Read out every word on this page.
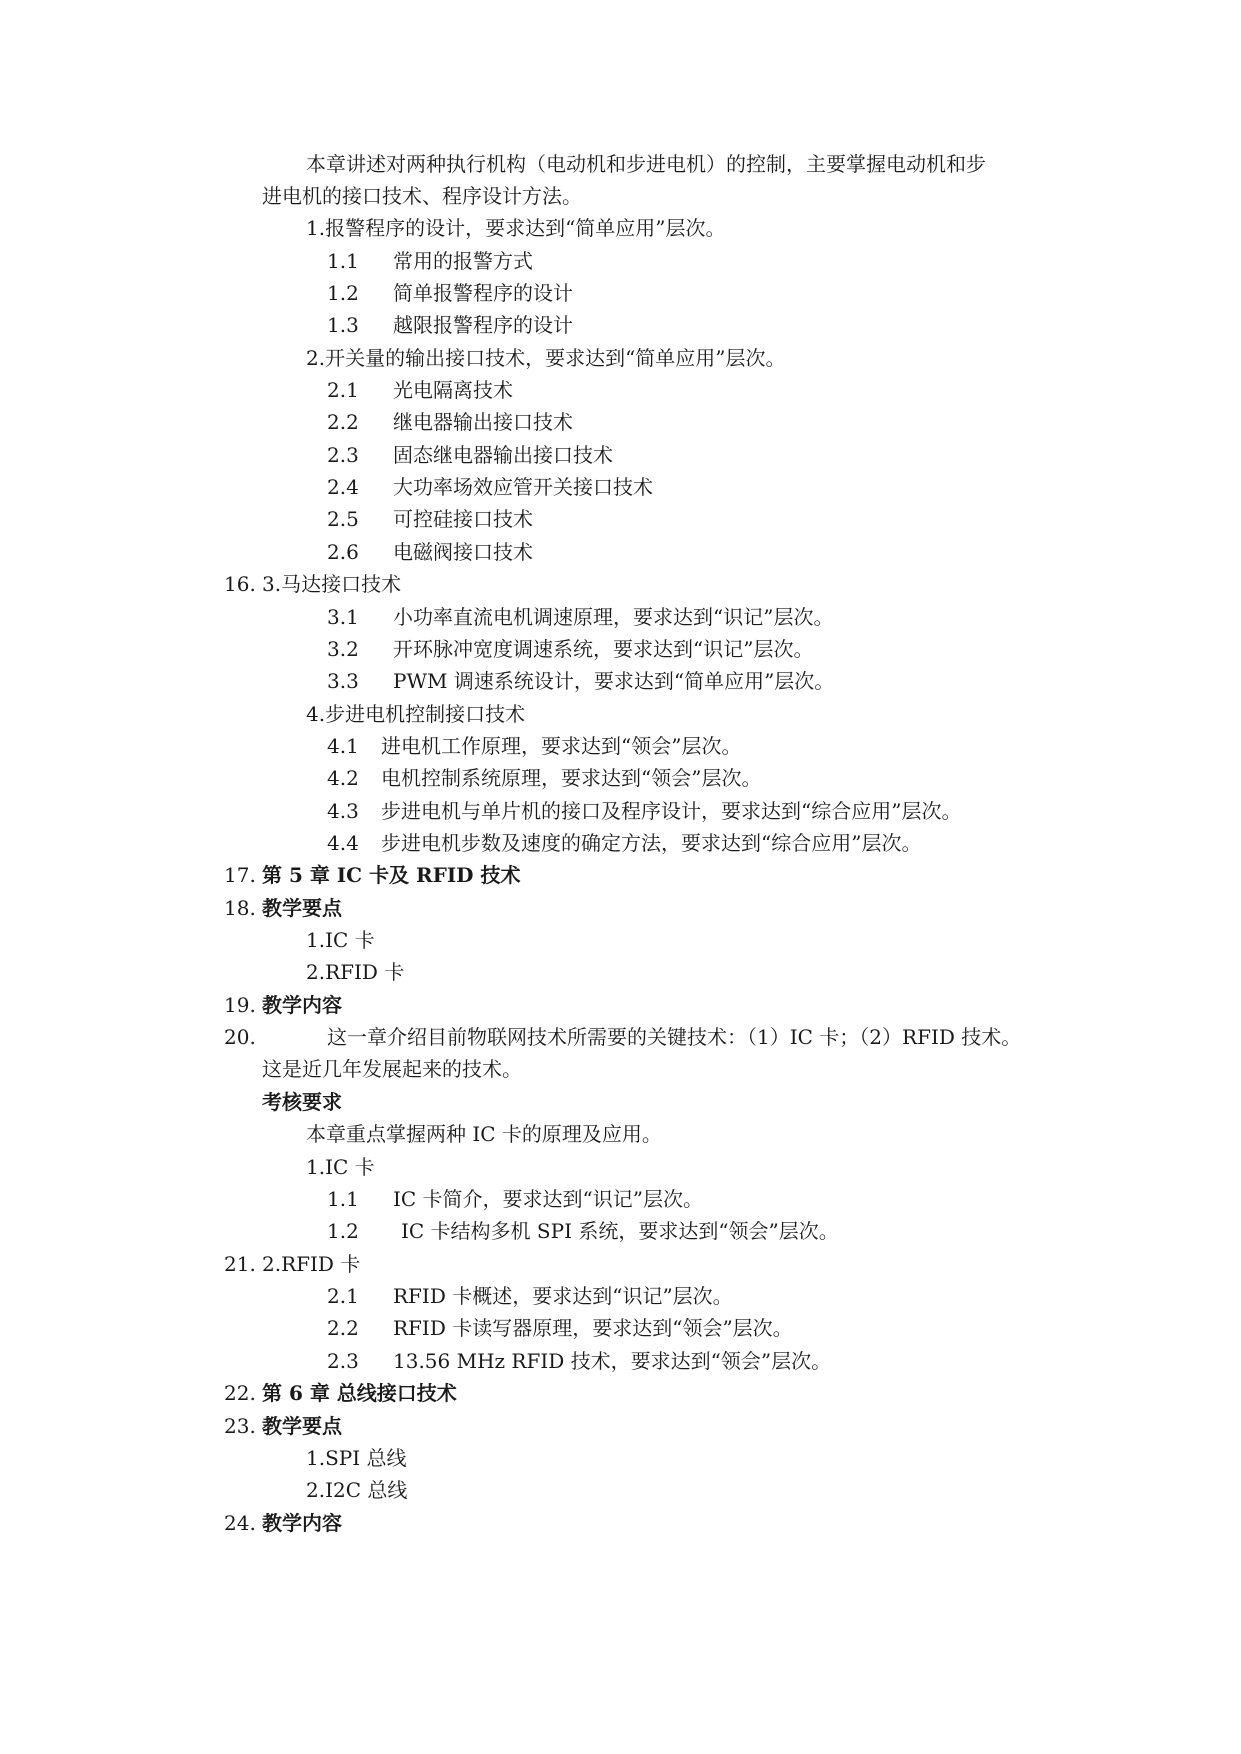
本章讲述对两种执行机构（电动机和步进电机）的控制，主要掌握电动机和步
进电机的接口技术、程序设计方法。
1.报警程序的设计，要求达到“简单应用”层次。
1.1 常用的报警方式
1.2 简单报警程序的设计
1.3 越限报警程序的设计
2.开关量的输出接口技术，要求达到“简单应用”层次。
2.1 光电隔离技术
2.2 继电器输出接口技术
2.3 固态继电器输出接口技术
2.4 大功率场效应管开关接口技术
2.5 可控硅接口技术
2.6 电磁阀接口技术
16. 3.马达接口技术
3.1 小功率直流电机调速原理，要求达到“识记”层次。
3.2 开环脉冲宽度调速系统，要求达到“识记”层次。
3.3 PWM 调速系统设计，要求达到“简单应用”层次。
4.步进电机控制接口技术
4.1 进电机工作原理，要求达到“领会”层次。
4.2 电机控制系统原理，要求达到“领会”层次。
4.3 步进电机与单片机的接口及程序设计，要求达到“综合应用”层次。
4.4 步进电机步数及速度的确定方法，要求达到“综合应用”层次。
17. 第 5 章 IC 卡及 RFID 技术
18. 教学要点
1.IC 卡
2.RFID 卡
19. 教学内容
20.	这一章介绍目前物联网技术所需要的关键技术：（1）IC 卡；（2）RFID 技术。
这是近几年发展起来的技术。
考核要求
本章重点掌握两种 IC 卡的原理及应用。
1.IC 卡
1.1 IC 卡简介，要求达到“识记”层次。
1.2 IC 卡结构多机 SPI 系统，要求达到“领会”层次。
21. 2.RFID 卡
2.1 RFID 卡概述，要求达到“识记”层次。
2.2 RFID 卡读写器原理，要求达到“领会”层次。
2.3 13.56 MHz RFID 技术，要求达到“领会”层次。
22. 第 6 章 总线接口技术
23. 教学要点
1.SPI 总线
2.I2C 总线
24. 教学内容
